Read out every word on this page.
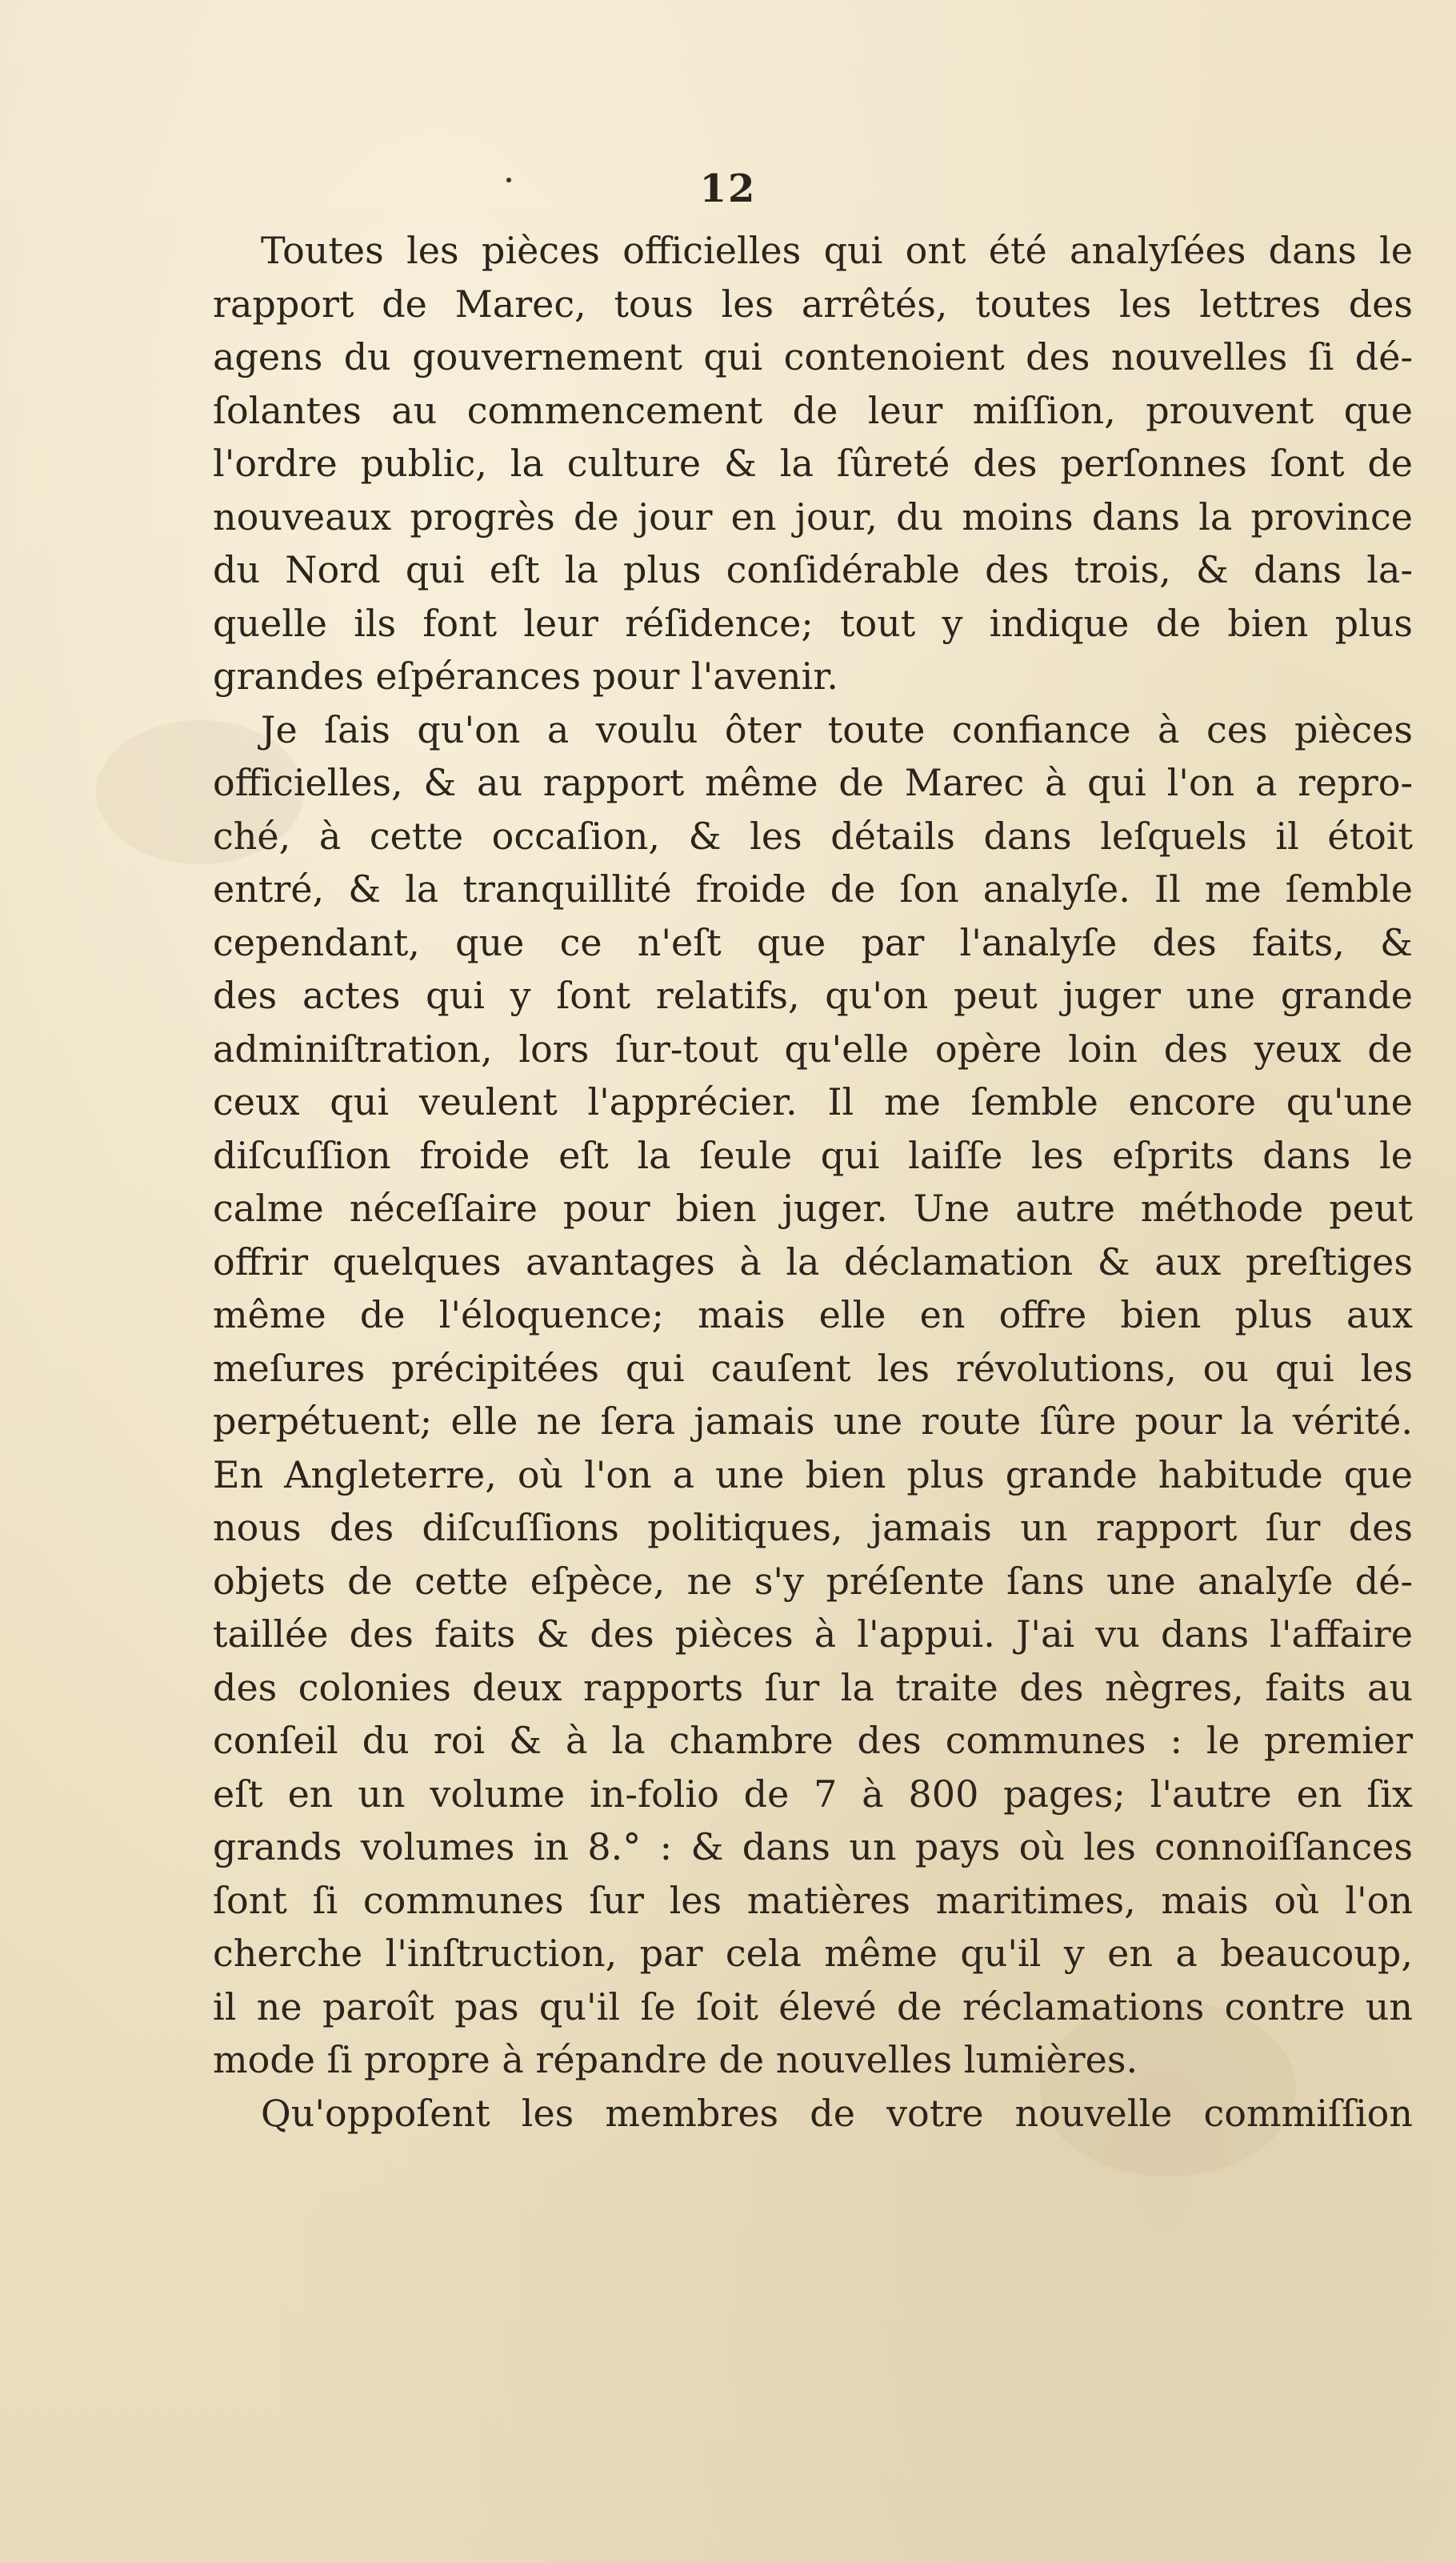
12
Toutes les pièces officielles qui ont été analyſées dans le
rapport de Marec, tous les arrêtés, toutes les lettres des
agens du gouvernement qui contenoient des nouvelles ſi dé-
ſolantes au commencement de leur miſſion, prouvent que
l'ordre public, la culture & la ſûreté des perſonnes ſont de
nouveaux progrès de jour en jour, du moins dans la province
du Nord qui eſt la plus conſidérable des trois, & dans la-
quelle ils font leur réſidence; tout y indique de bien plus
grandes eſpérances pour l'avenir.
Je ſais qu'on a voulu ôter toute confiance à ces pièces
officielles, & au rapport même de Marec à qui l'on a repro-
ché, à cette occaſion, & les détails dans leſquels il étoit
entré, & la tranquillité froide de ſon analyſe. Il me ſemble
cependant, que ce n'eſt que par l'analyſe des faits, &
des actes qui y ſont relatifs, qu'on peut juger une grande
adminiſtration, lors ſur-tout qu'elle opère loin des yeux de
ceux qui veulent l'apprécier. Il me ſemble encore qu'une
diſcuſſion froide eſt la ſeule qui laiſſe les eſprits dans le
calme néceſſaire pour bien juger. Une autre méthode peut
offrir quelques avantages à la déclamation & aux preſtiges
même de l'éloquence; mais elle en offre bien plus aux
meſures précipitées qui cauſent les révolutions, ou qui les
perpétuent; elle ne ſera jamais une route ſûre pour la vérité.
En Angleterre, où l'on a une bien plus grande habitude que
nous des diſcuſſions politiques, jamais un rapport ſur des
objets de cette eſpèce, ne s'y préſente ſans une analyſe dé-
taillée des faits & des pièces à l'appui. J'ai vu dans l'affaire
des colonies deux rapports ſur la traite des nègres, faits au
conſeil du roi & à la chambre des communes : le premier
eſt en un volume in-folio de 7 à 800 pages; l'autre en ſix
grands volumes in 8.° : & dans un pays où les connoiſſances
ſont ſi communes ſur les matières maritimes, mais où l'on
cherche l'inſtruction, par cela même qu'il y en a beaucoup,
il ne paroît pas qu'il ſe ſoit élevé de réclamations contre un
mode ſi propre à répandre de nouvelles lumières.
Qu'oppoſent les membres de votre nouvelle commiſſion
